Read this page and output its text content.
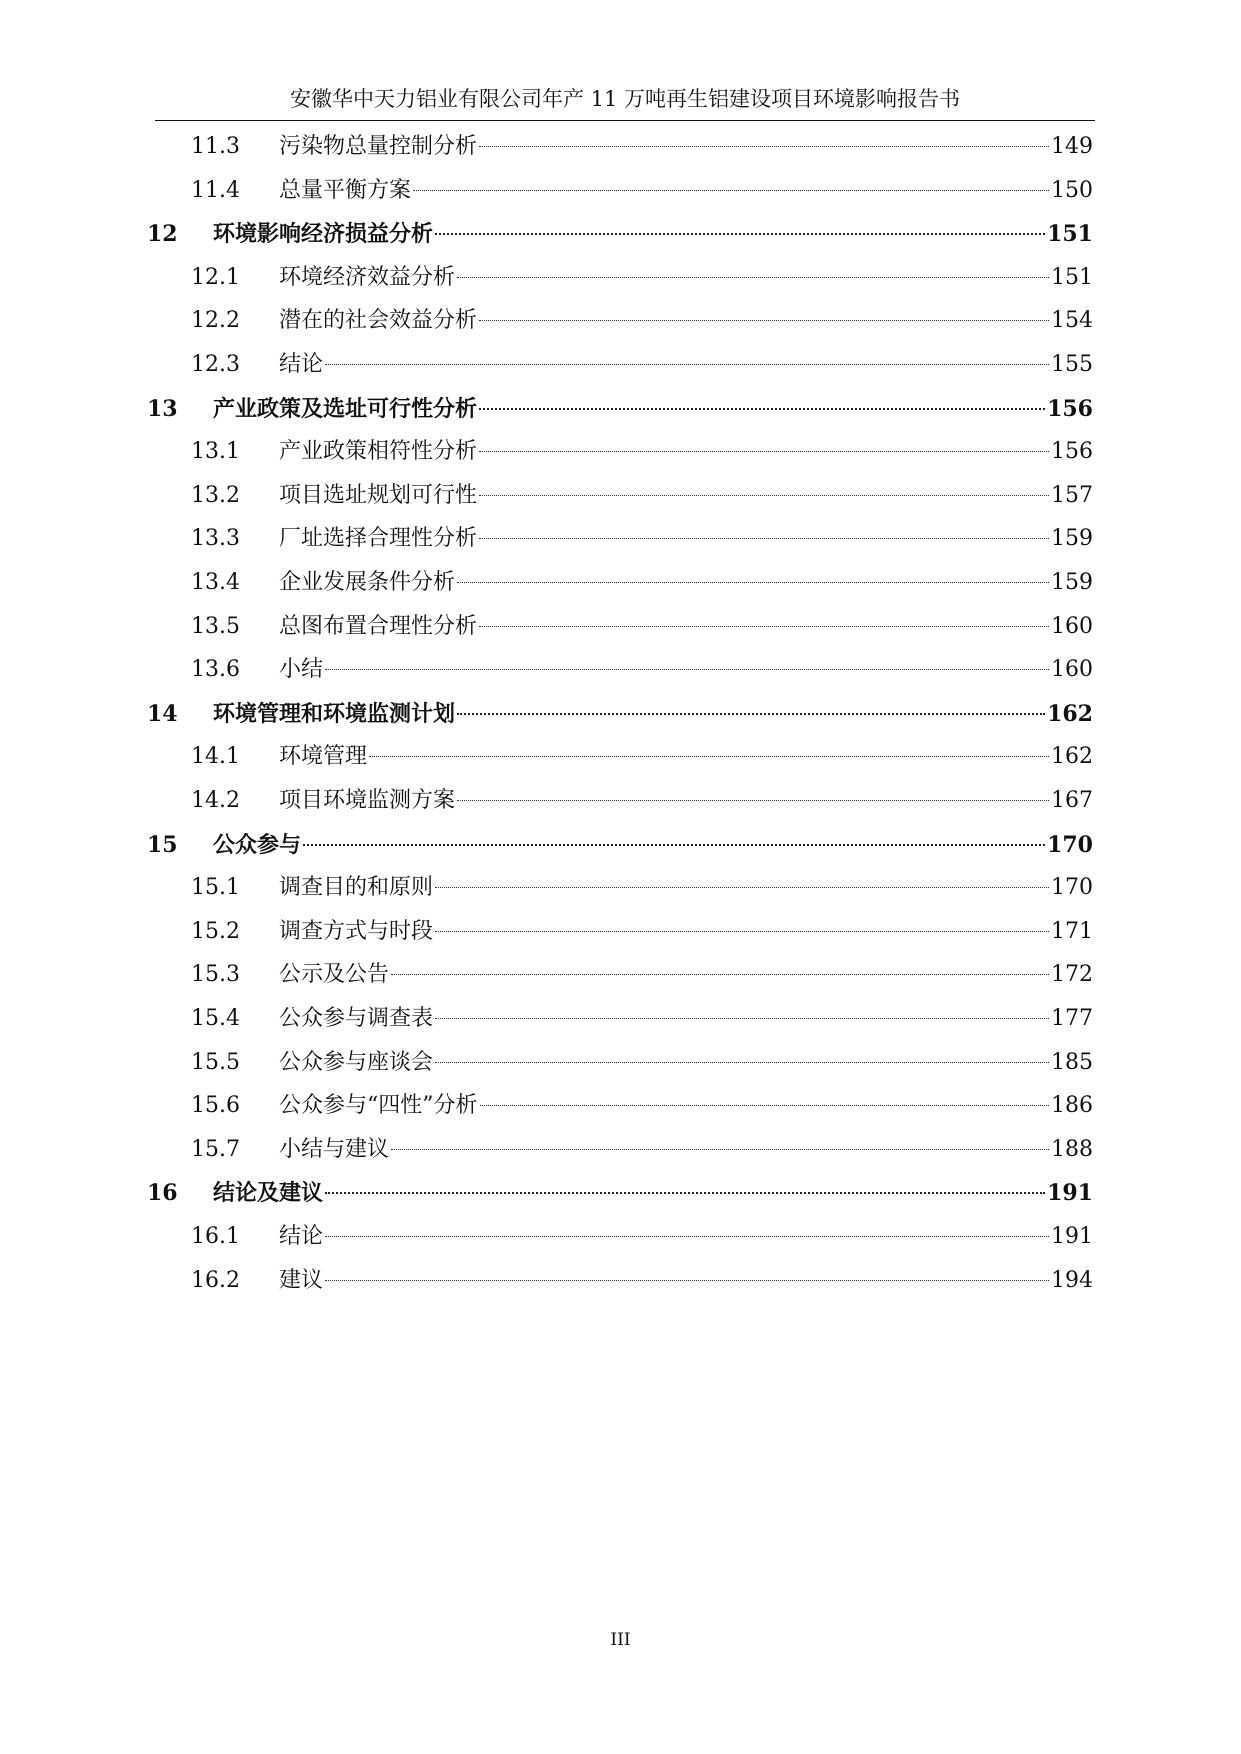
安徽华中天力铝业有限公司年产 11 万吨再生铝建设项目环境影响报告书
11.3	污染物总量控制分析	149
11.4	总量平衡方案	150
12	环境影响经济损益分析	151
12.1	环境经济效益分析	151
12.2	潜在的社会效益分析	154
12.3	结论	155
13	产业政策及选址可行性分析	156
13.1	产业政策相符性分析	156
13.2	项目选址规划可行性	157
13.3	厂址选择合理性分析	159
13.4	企业发展条件分析	159
13.5	总图布置合理性分析	160
13.6	小结	160
14	环境管理和环境监测计划	162
14.1	环境管理	162
14.2	项目环境监测方案	167
15	公众参与	170
15.1	调查目的和原则	170
15.2	调查方式与时段	171
15.3	公示及公告	172
15.4	公众参与调查表	177
15.5	公众参与座谈会	185
15.6	公众参与“四性”分析	186
15.7	小结与建议	188
16	结论及建议	191
16.1	结论	191
16.2	建议	194
III
